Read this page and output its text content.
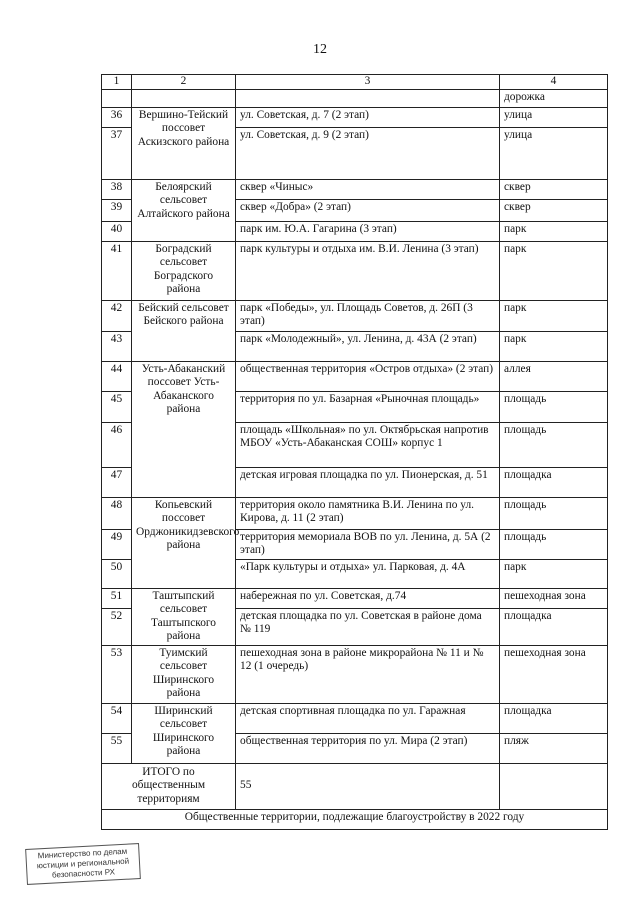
12
1	2	3	4
			дорожка
36	Вершино-Тейский поссовет Аскизского района	ул. Советская, д. 7 (2 этап)	улица
37		ул. Советская, д. 9 (2 этап)	улица
38	Белоярский сельсовет Алтайского района	сквер «Чиныс»	сквер
39		сквер «Добра» (2 этап)	сквер
40		парк им. Ю.А. Гагарина (3 этап)	парк
41	Боградский сельсовет Боградского района	парк культуры и отдыха им. В.И. Ленина (3 этап)	парк
42	Бейский сельсовет Бейского района	парк «Победы», ул. Площадь Советов, д. 26П (3 этап)	парк
43		парк «Молодежный», ул. Ленина, д. 43А (2 этап)	парк
44	Усть-Абаканский поссовет Усть-Абаканского района	общественная территория «Остров отдыха» (2 этап)	аллея
45		территория по ул. Базарная «Рыночная площадь»	площадь
46		площадь «Школьная» по ул. Октябрьская напротив МБОУ «Усть-Абаканская СОШ» корпус 1	площадь
47		детская игровая площадка по ул. Пионерская, д. 51	площадка
48	Копьевский поссовет Орджоникидзевского района	территория около памятника В.И. Ленина по ул. Кирова, д. 11 (2 этап)	площадь
49		территория мемориала ВОВ по ул. Ленина, д. 5А (2 этап)	площадь
50		«Парк культуры и отдыха» ул. Парковая, д. 4А	парк
51	Таштыпский сельсовет Таштыпского района	набережная по ул. Советская, д.74	пешеходная зона
52		детская площадка по ул. Советская в районе дома № 119	площадка
53	Туимский сельсовет Ширинского района	пешеходная зона в районе микрорайона № 11 и № 12 (1 очередь)	пешеходная зона
54	Ширинский сельсовет Ширинского района	детская спортивная площадка по ул. Гаражная	площадка
55		общественная территория по ул. Мира (2 этап)	пляж
ИТОГО по общественным территориям		55	
Общественные территории, подлежащие благоустройству в 2022 году			
Министерство по делам
юстиции и региональной
безопасности РХ
